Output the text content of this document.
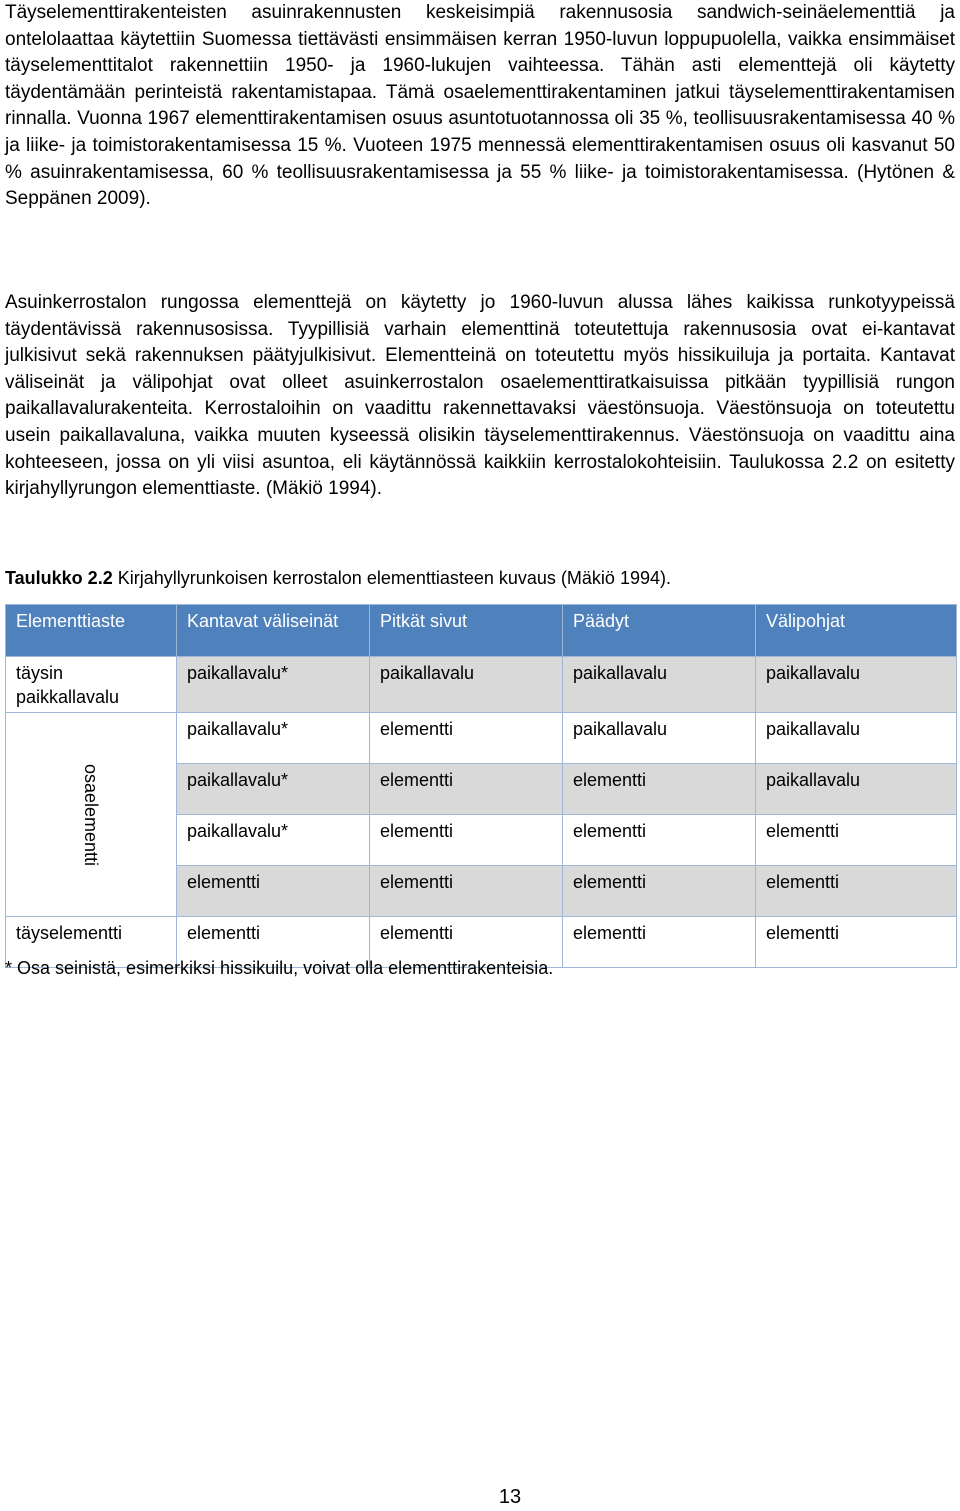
Täyselementtirakenteisten asuinrakennusten keskeisimpiä rakennusosia sandwich-seinäelementtiä ja ontelolaattaa käytettiin Suomessa tiettävästi ensimmäisen kerran 1950-luvun loppupuolella, vaikka ensimmäiset täyselementtitalot rakennettiin 1950- ja 1960-lukujen vaihteessa. Tähän asti elementtejä oli käytetty täydentämään perinteistä rakentamistapaa. Tämä osaelementtirakentaminen jatkui täyselementtirakentamisen rinnalla. Vuonna 1967 elementtirakentamisen osuus asuntotuotannossa oli 35 %, teollisuusrakentamisessa 40 % ja liike- ja toimistorakentamisessa 15 %. Vuoteen 1975 mennessä elementtirakentamisen osuus oli kasvanut 50 % asuinrakentamisessa, 60 % teollisuusrakentamisessa ja 55 % liike- ja toimistorakentamisessa. (Hytönen & Seppänen 2009).

Asuinkerrostalon rungossa elementtejä on käytetty jo 1960-luvun alussa lähes kaikissa runkotyypeissä täydentävissä rakennusosissa. Tyypillisiä varhain elementtinä toteutettuja rakennusosia ovat ei-kantavat julkisivut sekä rakennuksen päätyjulkisivut. Elementteinä on toteutettu myös hissikuiluja ja portaita. Kantavat väliseinät ja välipohjat ovat olleet asuinkerrostalon osaelementtiratkaisuissa pitkään tyypillisiä rungon paikallavalurakenteita. Kerrostaloihin on vaadittu rakennettavaksi väestönsuoja. Väestönsuoja on toteutettu usein paikallavaluna, vaikka muuten kyseessä olisikin täyselementtirakennus. Väestönsuoja on vaadittu aina kohteeseen, jossa on yli viisi asuntoa, eli käytännössä kaikkiin kerrostalokohteisiin. Taulukossa 2.2 on esitetty kirjahyllyrungon elementtiaste. (Mäkiö 1994).

Taulukko 2.2 Kirjahyllyrunkoisen kerrostalon elementtiasteen kuvaus (Mäkiö 1994).

Elementtiaste	Kantavat väliseinät	Pitkät sivut	Päädyt	Välipohjat
täysin paikkallavalu	paikallavalu*	paikallavalu	paikallavalu	paikallavalu

osaelementti	paikallavalu*	elementti	paikallavalu	paikallavalu
	paikallavalu*	elementti	elementti	paikallavalu
	paikallavalu*	elementti	elementti	elementti
	elementti	elementti	elementti	elementti
täyselementti	elementti	elementti	elementti	elementti

* Osa seinistä, esimerkiksi hissikuilu, voivat olla elementtirakenteisia.

13
